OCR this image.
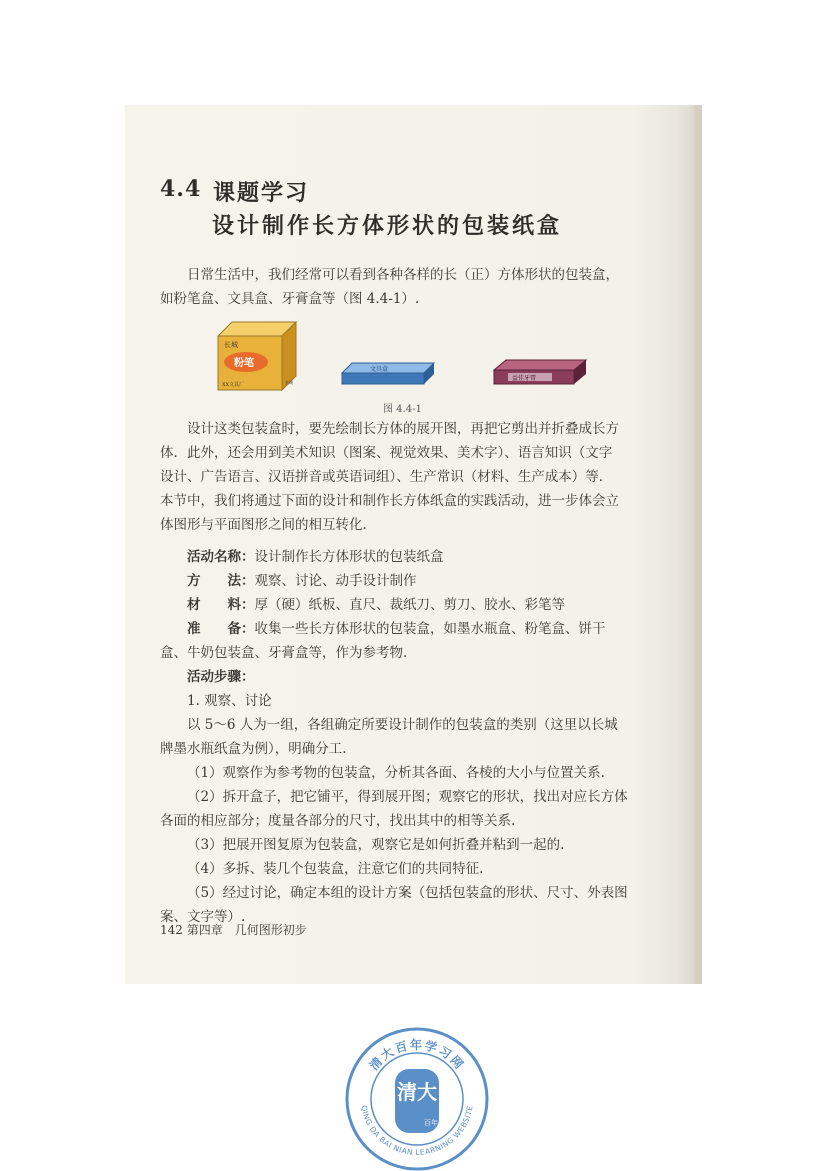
4.4 课题学习
设计制作长方体形状的包装纸盒
日常生活中，我们经常可以看到各种各样的长（正）方体形状的包装盒，
如粉笔盒、文具盒、牙膏盒等（图 4.4-1）.
长城
粉笔
XX文具厂	长城
文具盒
益佳牙膏
图 4.4-1
设计这类包装盒时，要先绘制长方体的展开图，再把它剪出并折叠成长方
体．此外，还会用到美术知识（图案、视觉效果、美术字）、语言知识（文字
设计、广告语言、汉语拼音或英语词组）、生产常识（材料、生产成本）等．
本节中，我们将通过下面的设计和制作长方体纸盒的实践活动，进一步体会立
体图形与平面图形之间的相互转化.
活动名称：设计制作长方体形状的包装纸盒
方　　法：观察、讨论、动手设计制作
材　　料：厚（硬）纸板、直尺、裁纸刀、剪刀、胶水、彩笔等
准　　备：收集一些长方体形状的包装盒，如墨水瓶盒、粉笔盒、饼干
盒、牛奶包装盒、牙膏盒等，作为参考物.
活动步骤：
1. 观察、讨论
以 5～6 人为一组，各组确定所要设计制作的包装盒的类别（这里以长城
牌墨水瓶纸盒为例），明确分工.
（1）观察作为参考物的包装盒，分析其各面、各棱的大小与位置关系.
（2）拆开盒子，把它铺平，得到展开图；观察它的形状，找出对应长方体
各面的相应部分；度量各部分的尺寸，找出其中的相等关系.
（3）把展开图复原为包装盒，观察它是如何折叠并粘到一起的.
（4）多拆、装几个包装盒，注意它们的共同特征.
（5）经过讨论，确定本组的设计方案（包括包装盒的形状、尺寸、外表图
案、文字等）.
142 第四章　几何图形初步
清大百年学习网
QING DA BAI NIAN LEARNING WEBSITE
清大
百年
